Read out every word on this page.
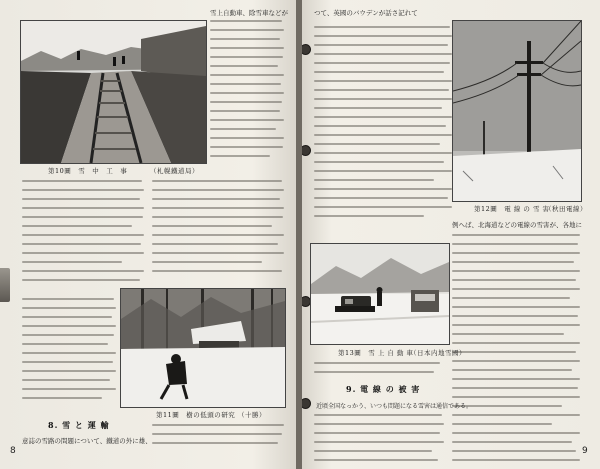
第10圖　雪　中　工　事	（札幌鐵道局）
雪上自動車、除雪車などが
第11圖　樹の低頭の研究 （十勝）
8. 雪 と 運 輸
意誌の雪路の問題について、鐵道の外に雄、
8
つて、英國のバウデンが話さ記れて
第12圖　電 線 の 雪 害
（秋田電線）
例へば、北海道などの電線の雪害が、各地に
第13圖　雪 上 自 動 車
（日本内地雪國）
9. 電 線 の 被 害
近頃全国なっかう、いつも問題になる雪害は通信である。
9
